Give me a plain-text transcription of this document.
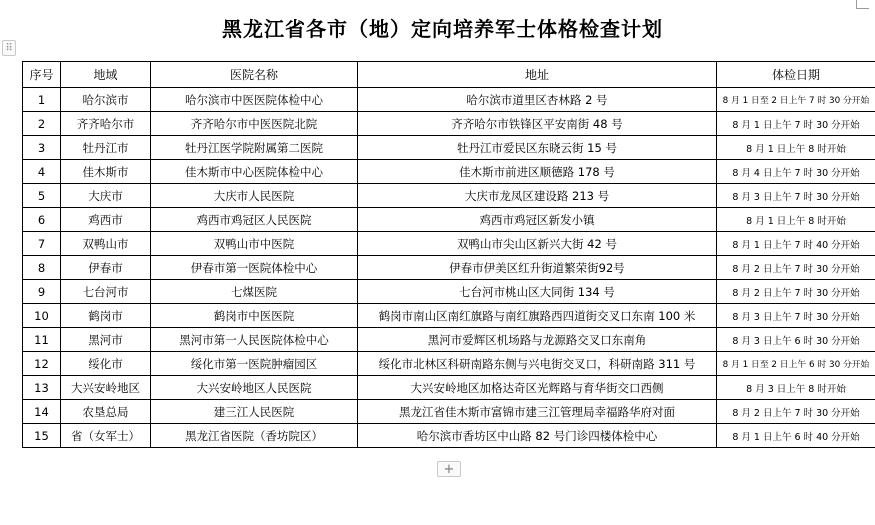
⠿
黑龙江省各市（地）定向培养军士体格检查计划
序号	地域	医院名称	地址	体检日期
1	哈尔滨市	哈尔滨市中医医院体检中心	哈尔滨市道里区杏林路 2 号	8 月 1 日至 2 日上午 7 时 30 分开始
2	齐齐哈尔市	齐齐哈尔市中医医院北院	齐齐哈尔市铁锋区平安南街 48 号	8 月 1 日上午 7 时 30 分开始
3	牡丹江市	牡丹江医学院附属第二医院	牡丹江市爱民区东晓云街 15 号	8 月 1 日上午 8 时开始
4	佳木斯市	佳木斯市中心医院体检中心	佳木斯市前进区顺德路 178 号	8 月 4 日上午 7 时 30 分开始
5	大庆市	大庆市人民医院	大庆市龙凤区建设路 213 号	8 月 3 日上午 7 时 30 分开始
6	鸡西市	鸡西市鸡冠区人民医院	鸡西市鸡冠区新发小镇	8 月 1 日上午 8 时开始
7	双鸭山市	双鸭山市中医院	双鸭山市尖山区新兴大街 42 号	8 月 1 日上午 7 时 40 分开始
8	伊春市	伊春市第一医院体检中心	伊春市伊美区红升街道繁荣街92号	8 月 2 日上午 7 时 30 分开始
9	七台河市	七煤医院	七台河市桃山区大同街 134 号	8 月 2 日上午 7 时 30 分开始
10	鹤岗市	鹤岗市中医医院	鹤岗市南山区南红旗路与南红旗路西四道街交叉口东南 100 米	8 月 3 日上午 7 时 30 分开始
11	黑河市	黑河市第一人民医院体检中心	黑河市爱辉区机场路与龙源路交叉口东南角	8 月 3 日上午 6 时 30 分开始
12	绥化市	绥化市第一医院肿瘤园区	绥化市北林区科研南路东侧与兴电街交叉口，科研南路 311 号	8 月 1 日至 2 日上午 6 时 30 分开始
13	大兴安岭地区	大兴安岭地区人民医院	大兴安岭地区加格达奇区光辉路与育华街交口西侧	8 月 3 日上午 8 时开始
14	农垦总局	建三江人民医院	黑龙江省佳木斯市富锦市建三江管理局幸福路华府对面	8 月 2 日上午 7 时 30 分开始
15	省（女军士）	黑龙江省医院（香坊院区）	哈尔滨市香坊区中山路 82 号门诊四楼体检中心	8 月 1 日上午 6 时 40 分开始
+
